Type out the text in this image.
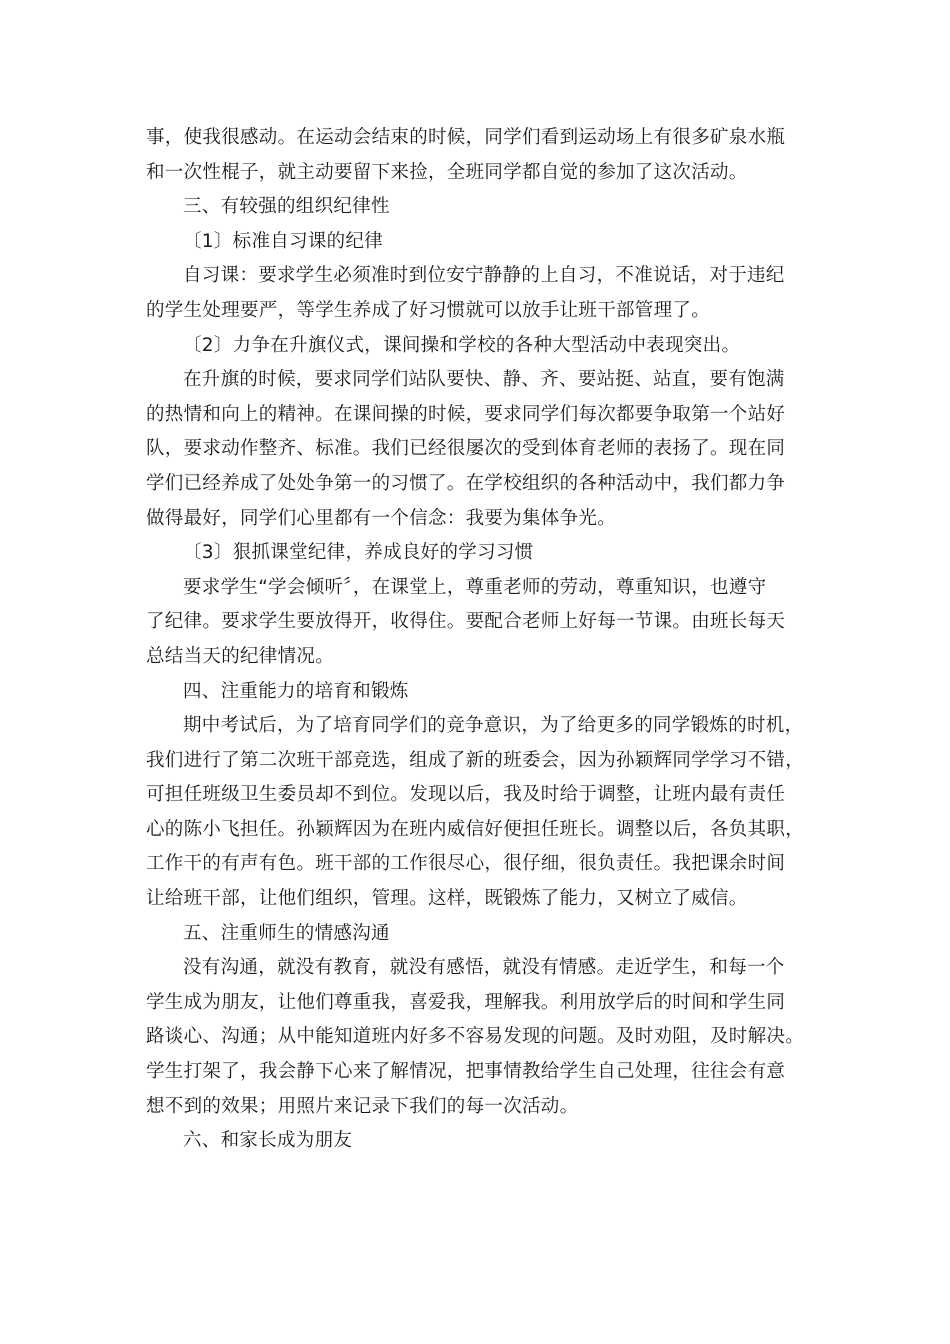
事，使我很感动。在运动会结束的时候，同学们看到运动场上有很多矿泉水瓶
和一次性棍子，就主动要留下来捡，全班同学都自觉的参加了这次活动。
三、有较强的组织纪律性
〔1〕标准自习课的纪律
自习课：要求学生必须准时到位安宁静静的上自习，不准说话，对于违纪
的学生处理要严，等学生养成了好习惯就可以放手让班干部管理了。
〔2〕力争在升旗仪式，课间操和学校的各种大型活动中表现突出。
在升旗的时候，要求同学们站队要快、静、齐、要站挺、站直，要有饱满
的热情和向上的精神。在课间操的时候，要求同学们每次都要争取第一个站好
队，要求动作整齐、标准。我们已经很屡次的受到体育老师的表扬了。现在同
学们已经养成了处处争第一的习惯了。在学校组织的各种活动中，我们都力争
做得最好，同学们心里都有一个信念：我要为集体争光。
〔3〕狠抓课堂纪律，养成良好的学习习惯
要求学生“学会倾听〞，在课堂上，尊重老师的劳动，尊重知识，也遵守
了纪律。要求学生要放得开，收得住。要配合老师上好每一节课。由班长每天
总结当天的纪律情况。
四、注重能力的培育和锻炼
期中考试后，为了培育同学们的竞争意识，为了给更多的同学锻炼的时机，
我们进行了第二次班干部竞选，组成了新的班委会，因为孙颖辉同学学习不错，
可担任班级卫生委员却不到位。发现以后，我及时给于调整，让班内最有责任
心的陈小飞担任。孙颖辉因为在班内威信好便担任班长。调整以后，各负其职，
工作干的有声有色。班干部的工作很尽心，很仔细，很负责任。我把课余时间
让给班干部，让他们组织，管理。这样，既锻炼了能力，又树立了威信。
五、注重师生的情感沟通
没有沟通，就没有教育，就没有感悟，就没有情感。走近学生，和每一个
学生成为朋友，让他们尊重我，喜爱我，理解我。利用放学后的时间和学生同
路谈心、沟通；从中能知道班内好多不容易发现的问题。及时劝阻，及时解决。
学生打架了，我会静下心来了解情况，把事情教给学生自己处理，往往会有意
想不到的效果；用照片来记录下我们的每一次活动。
六、和家长成为朋友
